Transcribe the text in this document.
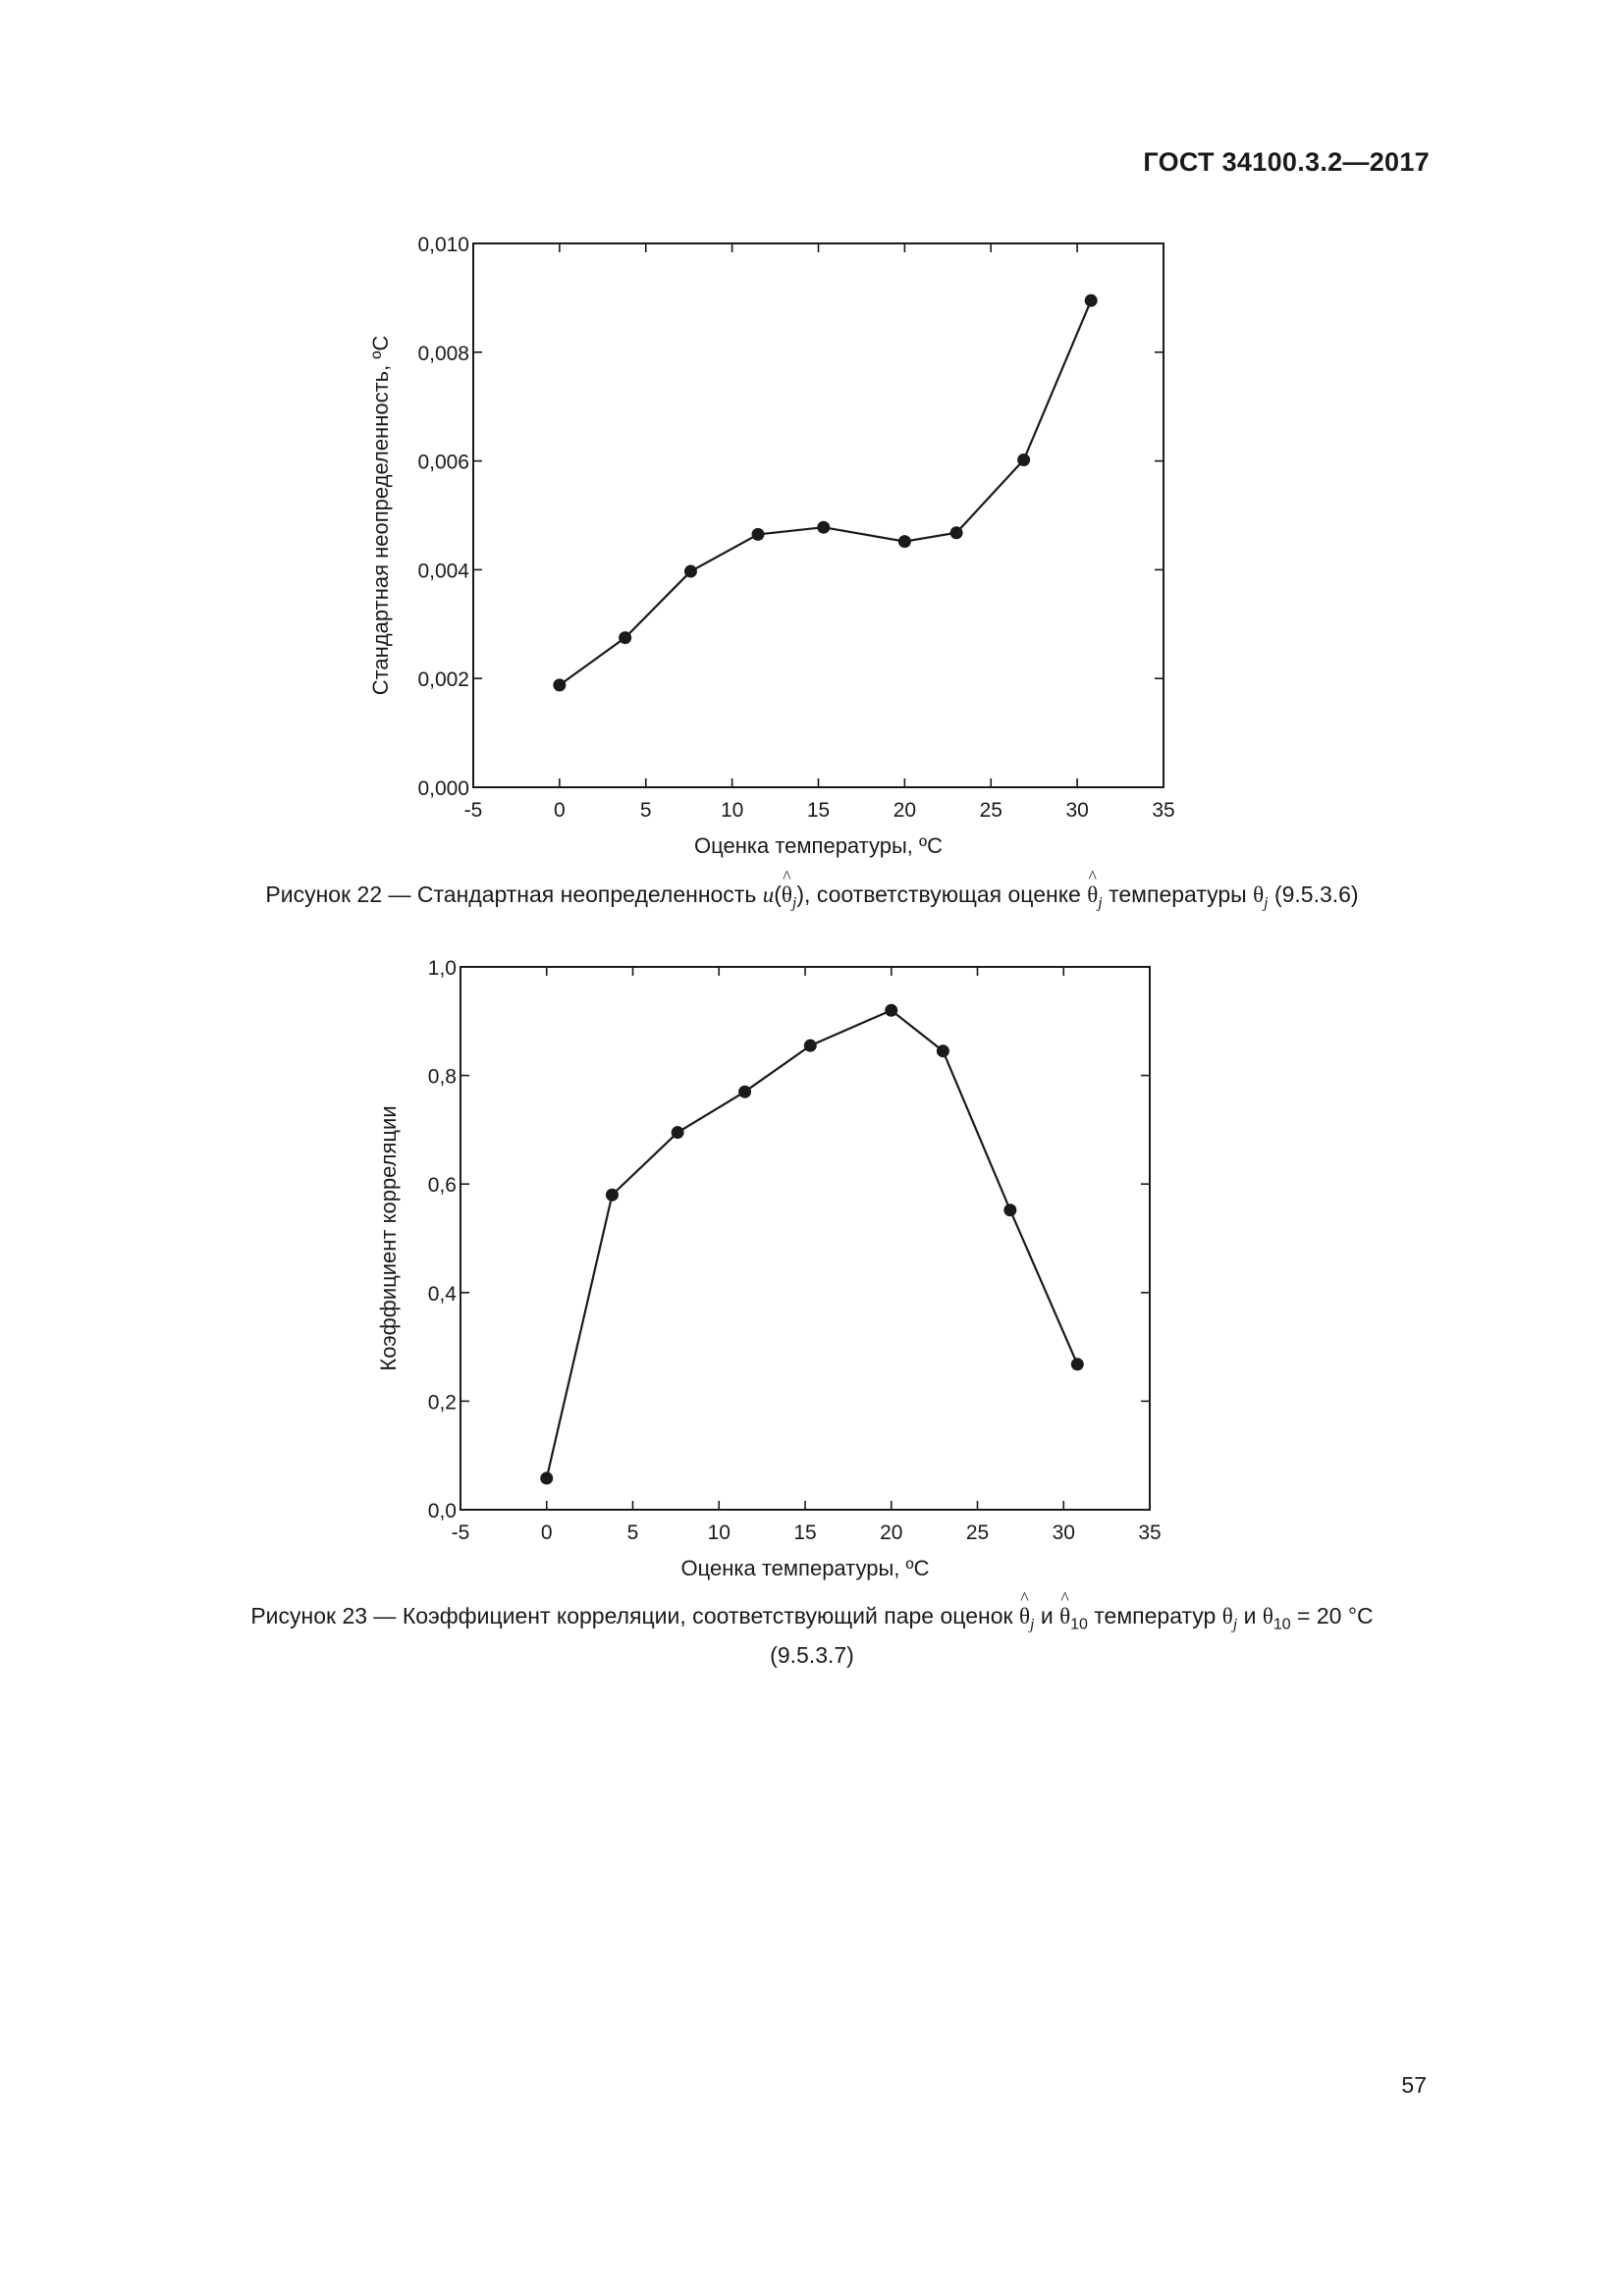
ГОСТ 34100.3.2—2017
-5	0	5	10	15	20	25	30	35
0,000
0,002
0,004
0,006
0,008
0,010
Оценка температуры, ºС
Стандартная неопределенность, ºС
Рисунок 22 — Стандартная неопределенность u(^ $\theta_j$), соответствующая оценке ^ $\theta_j$ температуры $\theta_j$ (9.5.3.6)
-5	0	5	10	15	20	25	30	35
0,0
0,2
0,4
0,6
0,8
1,0
Оценка температуры, ºС
Коэффициент корреляции
Рисунок 23 — Коэффициент корреляции, соответствующий паре оценок ^ $\theta_j$ и ^ $\theta_{10}$ температур $\theta_j$ и $\theta_{10} = 20$ °C
(9.5.3.7)
57
